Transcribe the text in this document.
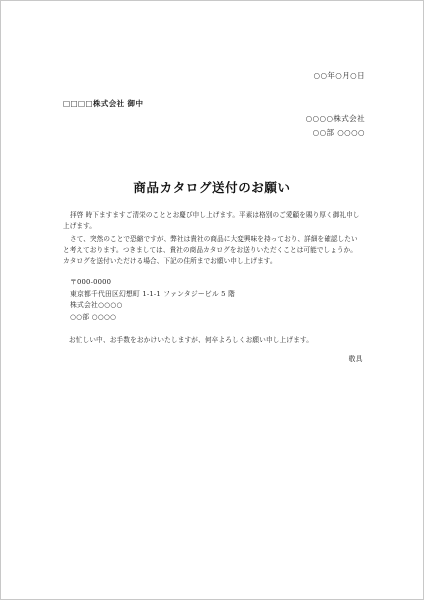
○○年○月○日
□□□□株式会社 御中
○○○○株式会社
○○部 ○○○○
商品カタログ送付のお願い
拝啓 時下ますますご清栄のこととお慶び申し上げます。平素は格別のご愛顧を賜り厚く御礼申し上げます。
さて、突然のことで恐縮ですが、弊社は貴社の商品に大変興味を持っており、詳細を確認したいと考えております。つきましては、貴社の商品カタログをお送りいただくことは可能でしょうか。カタログを送付いただける場合、下記の住所までお願い申し上げます。
〒000-0000
東京都千代田区幻想町 1-1-1 ファンタジービル 5 階
株式会社○○○○
○○部 ○○○○
お忙しい中、お手数をおかけいたしますが、何卒よろしくお願い申し上げます。
敬具
